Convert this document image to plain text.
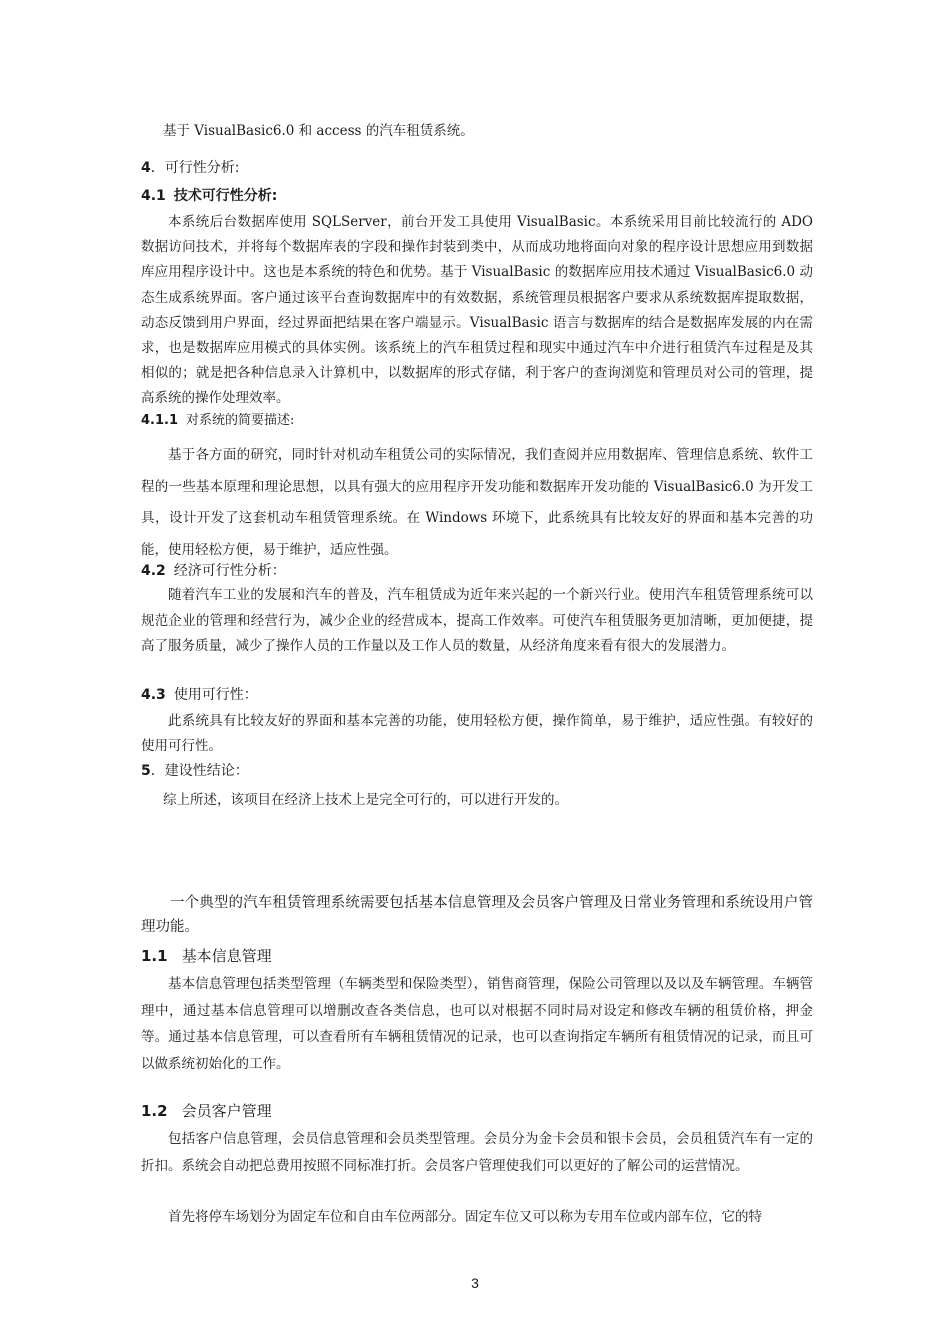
基于 VisualBasic6.0 和 access 的汽车租赁系统。

4．可行性分析:
4.1 技术可行性分析:

本系统后台数据库使用 SQLServer，前台开发工具使用 VisualBasic。本系统采用目前比较流行的 ADO 数据访问技术，并将每个数据库表的字段和操作封装到类中，从而成功地将面向对象的程序设计思想应用到数据库应用程序设计中。这也是本系统的特色和优势。基于 VisualBasic 的数据库应用技术通过 VisualBasic6.0 动态生成系统界面。客户通过该平台查询数据库中的有效数据，系统管理员根据客户要求从系统数据库提取数据，动态反馈到用户界面，经过界面把结果在客户端显示。VisualBasic 语言与数据库的结合是数据库发展的内在需求，也是数据库应用模式的具体实例。该系统上的汽车租赁过程和现实中通过汽车中介进行租赁汽车过程是及其相似的；就是把各种信息录入计算机中，以数据库的形式存储，利于客户的查询浏览和管理员对公司的管理，提高系统的操作处理效率。

4.1.1 对系统的简要描述:

基于各方面的研究，同时针对机动车租赁公司的实际情况，我们查阅并应用数据库、管理信息系统、软件工程的一些基本原理和理论思想，以具有强大的应用程序开发功能和数据库开发功能的 VisualBasic6.0 为开发工具，设计开发了这套机动车租赁管理系统。在 Windows 环境下，此系统具有比较友好的界面和基本完善的功能，使用轻松方便，易于维护，适应性强。

4.2 经济可行性分析：

随着汽车工业的发展和汽车的普及，汽车租赁成为近年来兴起的一个新兴行业。使用汽车租赁管理系统可以规范企业的管理和经营行为，减少企业的经营成本，提高工作效率。可使汽车租赁服务更加清晰，更加便捷，提高了服务质量，减少了操作人员的工作量以及工作人员的数量，从经济角度来看有很大的发展潜力。

4.3 使用可行性：

此系统具有比较友好的界面和基本完善的功能，使用轻松方便，操作简单，易于维护，适应性强。有较好的使用可行性。

5．建设性结论：

综上所述，该项目在经济上技术上是完全可行的，可以进行开发的。

一个典型的汽车租赁管理系统需要包括基本信息管理及会员客户管理及日常业务管理和系统设用户管理功能。

1.1 基本信息管理

基本信息管理包括类型管理（车辆类型和保险类型），销售商管理，保险公司管理以及以及车辆管理。车辆管理中，通过基本信息管理可以增删改查各类信息，也可以对根据不同时局对设定和修改车辆的租赁价格，押金等。通过基本信息管理，可以查看所有车辆租赁情况的记录，也可以查询指定车辆所有租赁情况的记录，而且可以做系统初始化的工作。

1.2 会员客户管理

包括客户信息管理，会员信息管理和会员类型管理。会员分为金卡会员和银卡会员，会员租赁汽车有一定的折扣。系统会自动把总费用按照不同标准打折。会员客户管理使我们可以更好的了解公司的运营情况。

首先将停车场划分为固定车位和自由车位两部分。固定车位又可以称为专用车位或内部车位，它的特

3
